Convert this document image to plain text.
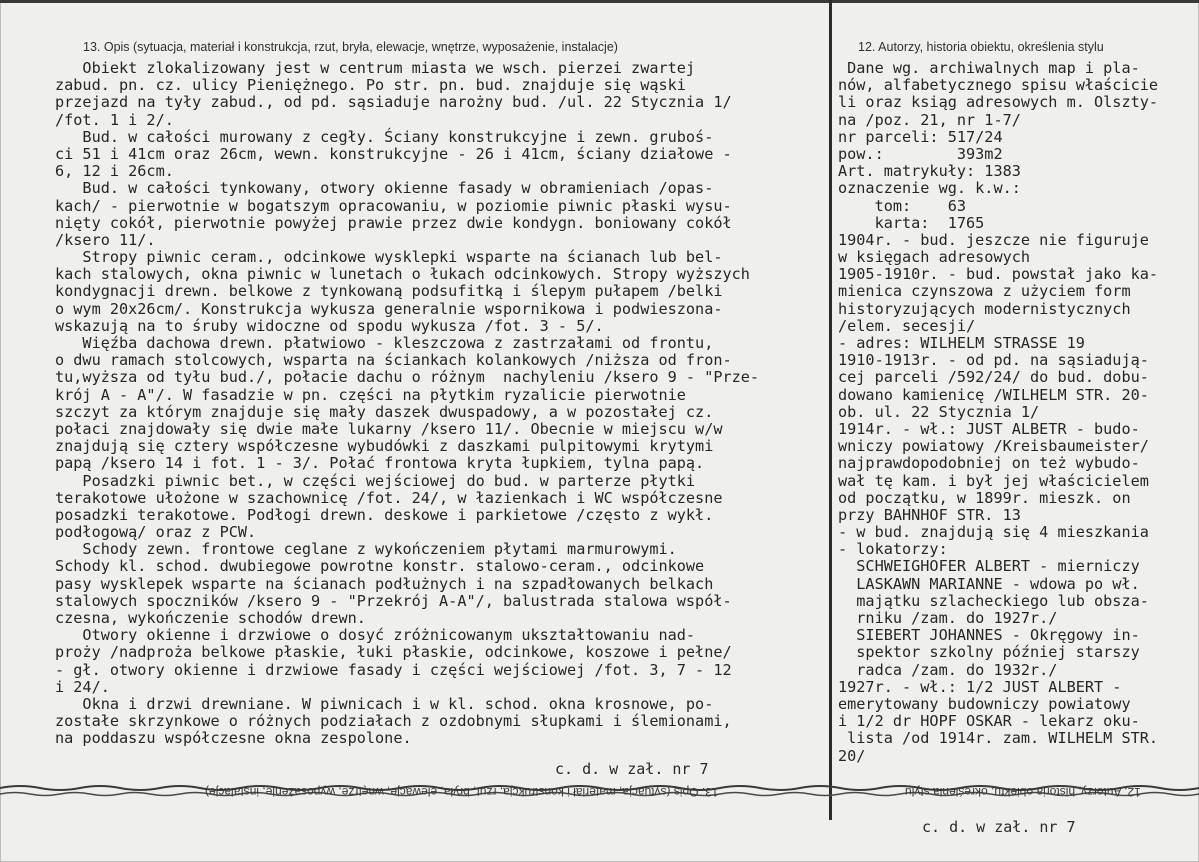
13. Opis (sytuacja, materiał i konstrukcja, rzut, bryła, elewacje, wnętrze, wyposażenie, instalacje)	12. Autorzy, historia obiektu, określenia stylu
Obiekt zlokalizowany jest w centrum miasta we wsch. pierzei zwartej
zabud. pn. cz. ulicy Pieniężnego. Po str. pn. bud. znajduje się wąski
przejazd na tyły zabud., od pd. sąsiaduje narożny bud. /ul. 22 Stycznia 1/
/fot. 1 i 2/.
Bud. w całości murowany z cegły. Ściany konstrukcyjne i zewn. gruboś-
ci 51 i 41cm oraz 26cm, wewn. konstrukcyjne - 26 i 41cm, ściany działowe -
6, 12 i 26cm.
Bud. w całości tynkowany, otwory okienne fasady w obramieniach /opas-
kach/ - pierwotnie w bogatszym opracowaniu, w poziomie piwnic płaski wysu-
nięty cokół, pierwotnie powyżej prawie przez dwie kondygn. boniowany cokół
/ksero 11/.
Stropy piwnic ceram., odcinkowe wysklepki wsparte na ścianach lub bel-
kach stalowych, okna piwnic w lunetach o łukach odcinkowych. Stropy wyższych
kondygnacji drewn. belkowe z tynkowaną podsufitką i ślepym pułapem /belki
o wym 20x26cm/. Konstrukcja wykusza generalnie wspornikowa i podwieszona-
wskazują na to śruby widoczne od spodu wykusza /fot. 3 - 5/.
Więźba dachowa drewn. płatwiowo - kleszczowa z zastrzałami od frontu,
o dwu ramach stolcowych, wsparta na ściankach kolankowych /niższa od fron-
tu,wyższa od tyłu bud./, połacie dachu o różnym  nachyleniu /ksero 9 - "Prze-
krój A - A"/. W fasadzie w pn. części na płytkim ryzalicie pierwotnie
szczyt za którym znajduje się mały daszek dwuspadowy, a w pozostałej cz.
połaci znajdowały się dwie małe lukarny /ksero 11/. Obecnie w miejscu w/w
znajdują się cztery współczesne wybudówki z daszkami pulpitowymi krytymi
papą /ksero 14 i fot. 1 - 3/. Połać frontowa kryta łupkiem, tylna papą.
Posadzki piwnic bet., w części wejściowej do bud. w parterze płytki
terakotowe ułożone w szachownicę /fot. 24/, w łazienkach i WC współczesne
posadzki terakotowe. Podłogi drewn. deskowe i parkietowe /często z wykł.
podłogową/ oraz z PCW.
Schody zewn. frontowe ceglane z wykończeniem płytami marmurowymi.
Schody kl. schod. dwubiegowe powrotne konstr. stalowo-ceram., odcinkowe
pasy wysklepek wsparte na ścianach podłużnych i na szpadłowanych belkach
stalowych spoczników /ksero 9 - "Przekrój A-A"/, balustrada stalowa współ-
czesna, wykończenie schodów drewn.
Otwory okienne i drzwiowe o dosyć zróżnicowanym ukształtowaniu nad-
proży /nadproża belkowe płaskie, łuki płaskie, odcinkowe, koszowe i pełne/
- gł. otwory okienne i drzwiowe fasady i części wejściowej /fot. 3, 7 - 12
i 24/.
Okna i drzwi drewniane. W piwnicach i w kl. schod. okna krosnowe, po-
zostałe skrzynkowe o różnych podziałach z ozdobnymi słupkami i ślemionami,
na poddaszu współczesne okna zespolone.
Dane wg. archiwalnych map i pla-
nów, alfabetycznego spisu właścicie
li oraz ksiąg adresowych m. Olszty-
na /poz. 21, nr 1-7/
nr parceli: 517/24
pow.:        393m2
Art. matrykuły: 1383
oznaczenie wg. k.w.:
tom:    63
karta:  1765
1904r. - bud. jeszcze nie figuruje
w księgach adresowych
1905-1910r. - bud. powstał jako ka-
mienica czynszowa z użyciem form
historyzujących modernistycznych
/elem. secesji/
- adres: WILHELM STRASSE 19
1910-1913r. - od pd. na sąsiadują-
cej parceli /592/24/ do bud. dobu-
dowano kamienicę /WILHELM STR. 20-
ob. ul. 22 Stycznia 1/
1914r. - wł.: JUST ALBETR - budo-
wniczy powiatowy /Kreisbaumeister/
najprawdopodobniej on też wybudo-
wał tę kam. i był jej właścicielem
od początku, w 1899r. mieszk. on
przy BAHNHOF STR. 13
- w bud. znajdują się 4 mieszkania
- lokatorzy:
SCHWEIGHOFER ALBERT - mierniczy
LASKAWN MARIANNE - wdowa po wł.
majątku szlacheckiego lub obsza-
rniku /zam. do 1927r./
SIEBERT JOHANNES - Okręgowy in-
spektor szkolny później starszy
radca /zam. do 1932r./
1927r. - wł.: 1/2 JUST ALBERT -
emerytowany budowniczy powiatowy
i 1/2 dr HOPF OSKAR - lekarz oku-
lista /od 1914r. zam. WILHELM STR.
20/
c. d. w zał. nr 7
c. d. w zał. nr 7
13. Opis (sytuacja, materiał i konstrukcja, rzut, bryła, elewacje, wnętrze, wyposażenie, instalacje)	12. Autorzy, historia obiektu, określenia stylu
